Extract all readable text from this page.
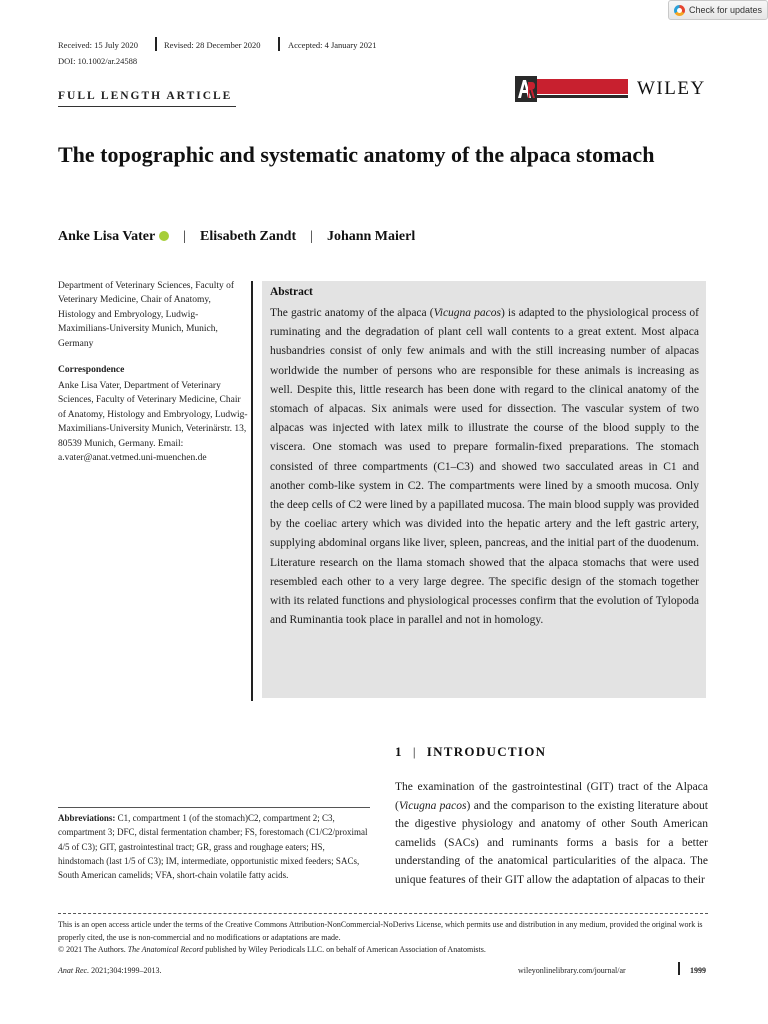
Check for updates
Received: 15 July 2020	Revised: 28 December 2020	Accepted: 4 January 2021
DOI: 10.1002/ar.24588
FULL LENGTH ARTICLE	WILEY
The topographic and systematic anatomy of the alpaca stomach
Anke Lisa Vater | Elisabeth Zandt | Johann Maierl
Department of Veterinary Sciences, Faculty of Veterinary Medicine, Chair of Anatomy, Histology and Embryology, Ludwig-Maximilians-University Munich, Munich, Germany
Correspondence
Anke Lisa Vater, Department of Veterinary Sciences, Faculty of Veterinary Medicine, Chair of Anatomy, Histology and Embryology, Ludwig-Maximilians-University Munich, Veterinärstr. 13, 80539 Munich, Germany. Email: a.vater@anat.vetmed.uni-muenchen.de
Abstract
The gastric anatomy of the alpaca (Vicugna pacos) is adapted to the physiological process of ruminating and the degradation of plant cell wall contents to a great extent. Most alpaca husbandries consist of only few animals and with the still increasing number of alpacas worldwide the number of persons who are responsible for these animals is increasing as well. Despite this, little research has been done with regard to the clinical anatomy of the stomach of alpacas. Six animals were used for dissection. The vascular system of two alpacas was injected with latex milk to illustrate the course of the blood supply to the viscera. One stomach was used to prepare formalin-fixed preparations. The stomach consisted of three compartments (C1–C3) and showed two sacculated areas in C1 and another comb-like system in C2. The compartments were lined by a smooth mucosa. Only the deep cells of C2 were lined by a papillated mucosa. The main blood supply was provided by the coeliac artery which was divided into the hepatic artery and the left gastric artery, supplying abdominal organs like liver, spleen, pancreas, and the initial part of the duodenum. Literature research on the llama stomach showed that the alpaca stomachs that were used resembled each other to a very large degree. The specific design of the stomach together with its related functions and physiological processes confirm that the evolution of Tylopoda and Ruminantia took place in parallel and not in homology.
1 | INTRODUCTION
The examination of the gastrointestinal (GIT) tract of the Alpaca (Vicugna pacos) and the comparison to the existing literature about the digestive physiology and anatomy of other South American camelids (SACs) and ruminants forms a basis for a better understanding of the anatomical particularities of the alpaca. The unique features of their GIT allow the adaptation of alpacas to their
Abbreviations: C1, compartment 1 (of the stomach)C2, compartment 2; C3, compartment 3; DFC, distal fermentation chamber; FS, forestomach (C1/C2/proximal 4/5 of C3); GIT, gastrointestinal tract; GR, grass and roughage eaters; HS, hindstomach (last 1/5 of C3); IM, intermediate, opportunistic mixed feeders; SACs, South American camelids; VFA, short-chain volatile fatty acids.
This is an open access article under the terms of the Creative Commons Attribution-NonCommercial-NoDerivs License, which permits use and distribution in any medium, provided the original work is properly cited, the use is non-commercial and no modifications or adaptations are made.
© 2021 The Authors. The Anatomical Record published by Wiley Periodicals LLC. on behalf of American Association of Anatomists.
Anat Rec. 2021;304:1999–2013.	wileyonlinelibrary.com/journal/ar	1999
